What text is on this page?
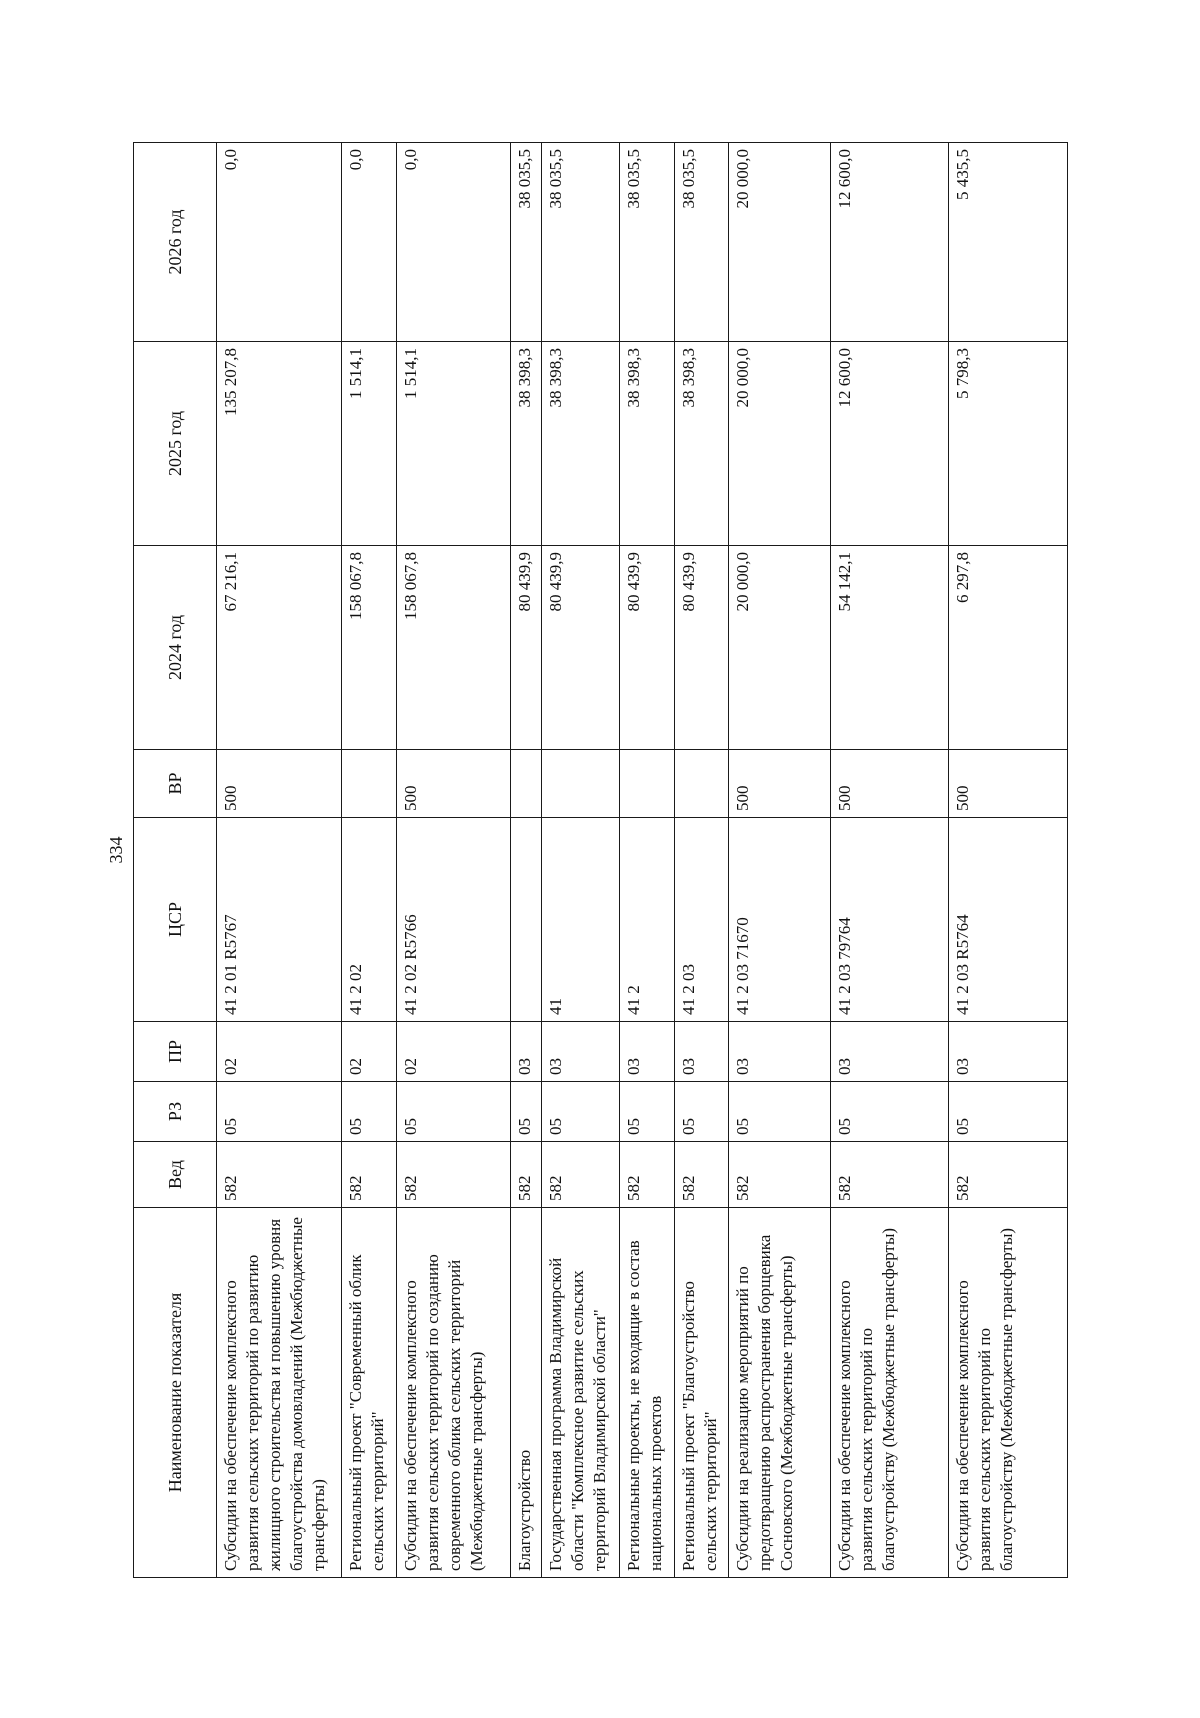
334
Наименование показателя	Вед	РЗ	ПР	ЦСР	ВР	2024 год	2025 год	2026 год
Субсидии на обеспечение комплексного развития сельских территорий по развитию жилищного строительства и повышению уровня благоустройства домовладений (Межбюджетные трансферты)	582	05	02	41 2 01 R5767	500	67 216,1	135 207,8	0,0
Региональный проект "Современный облик сельских территорий"	582	05	02	41 2 02		158 067,8	1 514,1	0,0
Субсидии на обеспечение комплексного развития сельских территорий по созданию современного облика сельских территорий (Межбюджетные трансферты)	582	05	02	41 2 02 R5766	500	158 067,8	1 514,1	0,0
Благоустройство	582	05	03			80 439,9	38 398,3	38 035,5
Государственная программа Владимирской области "Комплексное развитие сельских территорий Владимирской области"	582	05	03	41		80 439,9	38 398,3	38 035,5
Региональные проекты, не входящие в состав национальных проектов	582	05	03	41 2		80 439,9	38 398,3	38 035,5
Региональный проект "Благоустройство сельских территорий"	582	05	03	41 2 03		80 439,9	38 398,3	38 035,5
Субсидии на реализацию мероприятий по предотвращению распространения борщевика Сосновского (Межбюджетные трансферты)	582	05	03	41 2 03 71670	500	20 000,0	20 000,0	20 000,0
Субсидии на обеспечение комплексного развития сельских территорий по благоустройству (Межбюджетные трансферты)	582	05	03	41 2 03 79764	500	54 142,1	12 600,0	12 600,0
Субсидии на обеспечение комплексного развития сельских территорий по благоустройству (Межбюджетные трансферты)	582	05	03	41 2 03 R5764	500	6 297,8	5 798,3	5 435,5
